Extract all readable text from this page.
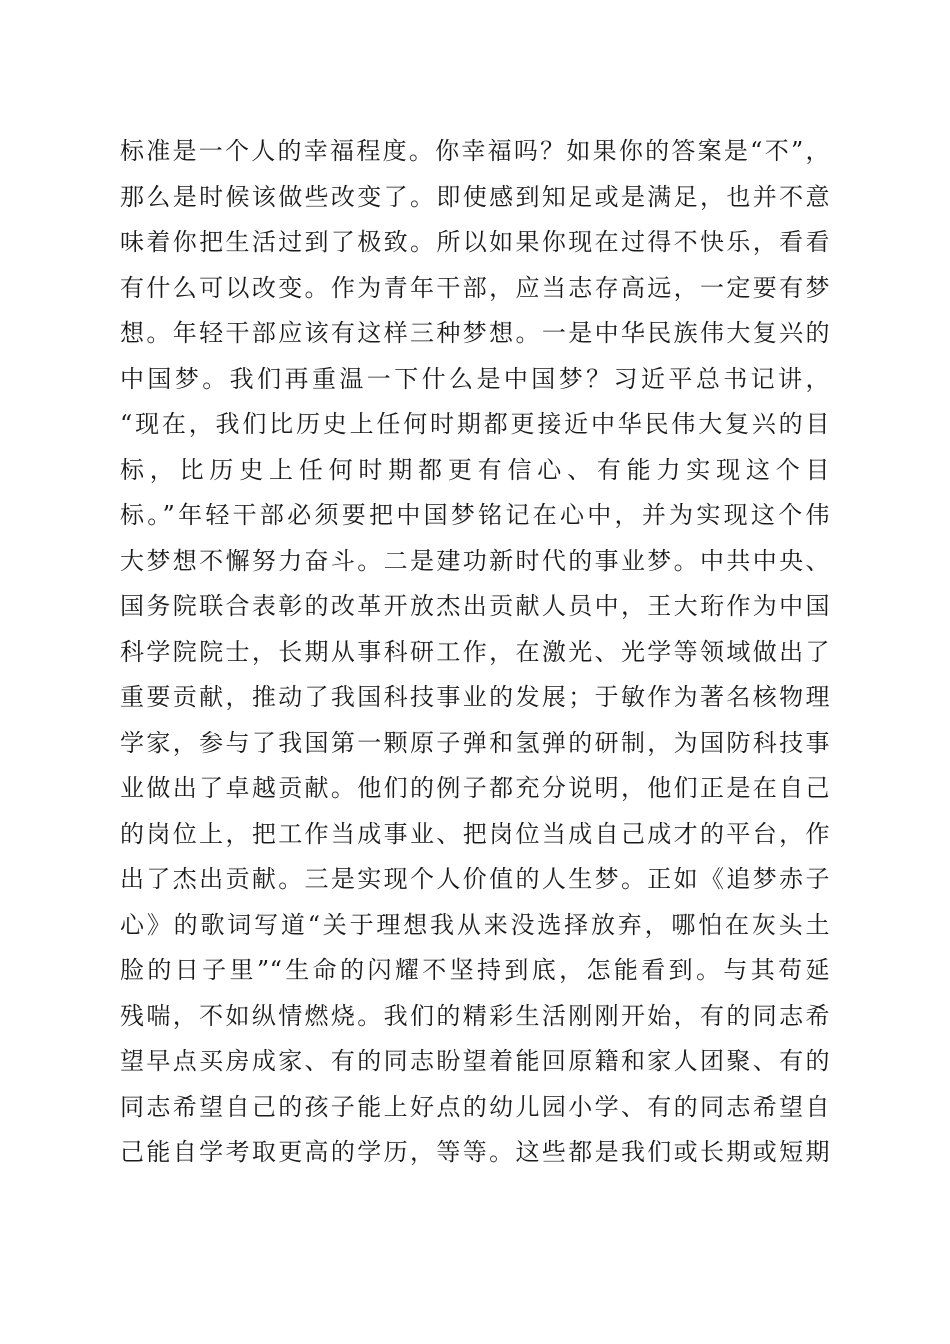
标准是一个人的幸福程度。你幸福吗？如果你的答案是“不”，
那么是时候该做些改变了。即使感到知足或是满足，也并不意
味着你把生活过到了极致。所以如果你现在过得不快乐，看看
有什么可以改变。作为青年干部，应当志存高远，一定要有梦
想。年轻干部应该有这样三种梦想。一是中华民族伟大复兴的
中国梦。我们再重温一下什么是中国梦？习近平总书记讲，
“现在，我们比历史上任何时期都更接近中华民伟大复兴的目
标，比历史上任何时期都更有信心、有能力实现这个目
标。”年轻干部必须要把中国梦铭记在心中，并为实现这个伟
大梦想不懈努力奋斗。二是建功新时代的事业梦。中共中央、
国务院联合表彰的改革开放杰出贡献人员中，王大珩作为中国
科学院院士，长期从事科研工作，在激光、光学等领域做出了
重要贡献，推动了我国科技事业的发展；于敏作为著名核物理
学家，参与了我国第一颗原子弹和氢弹的研制，为国防科技事
业做出了卓越贡献。他们的例子都充分说明，他们正是在自己
的岗位上，把工作当成事业、把岗位当成自己成才的平台，作
出了杰出贡献。三是实现个人价值的人生梦。正如《追梦赤子
心》的歌词写道“关于理想我从来没选择放弃，哪怕在灰头土
脸的日子里”“生命的闪耀不坚持到底，怎能看到。与其苟延
残喘，不如纵情燃烧。我们的精彩生活刚刚开始，有的同志希
望早点买房成家、有的同志盼望着能回原籍和家人团聚、有的
同志希望自己的孩子能上好点的幼儿园小学、有的同志希望自
己能自学考取更高的学历，等等。这些都是我们或长期或短期
